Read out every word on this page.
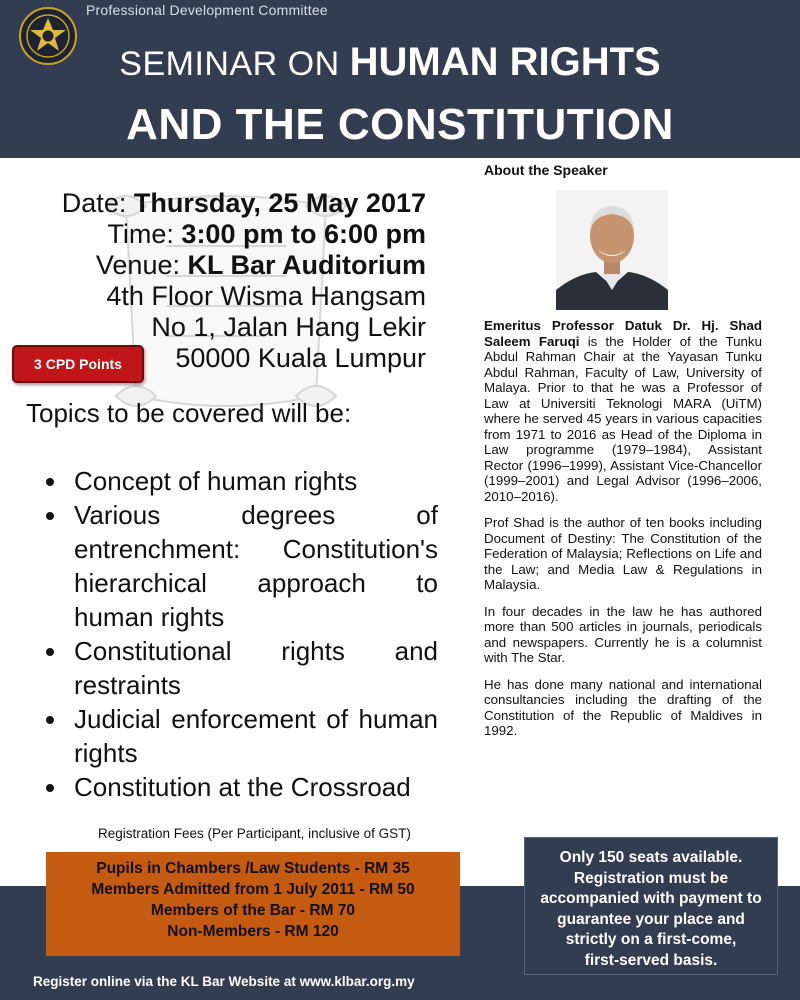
Professional Development Committee
SEMINAR ON HUMAN RIGHTS
AND THE CONSTITUTION
Date: Thursday, 25 May 2017
Time: 3:00 pm to 6:00 pm
Venue: KL Bar Auditorium
4th Floor Wisma Hangsam
No 1, Jalan Hang Lekir
50000 Kuala Lumpur
3 CPD Points
Topics to be covered will be:
Concept of human rights
Various degrees of entrenchment: Constitution's hierarchical approach to human rights
Constitutional rights and restraints
Judicial enforcement of human rights
Constitution at the Crossroad
About the Speaker

Emeritus Professor Datuk Dr. Hj. Shad Saleem Faruqi is the Holder of the Tunku Abdul Rahman Chair at the Yayasan Tunku Abdul Rahman, Faculty of Law, University of Malaya. Prior to that he was a Professor of Law at Universiti Teknologi MARA (UiTM) where he served 45 years in various capacities from 1971 to 2016 as Head of the Diploma in Law programme (1979–1984), Assistant Rector (1996–1999), Assistant Vice-Chancellor (1999–2001) and Legal Advisor (1996–2006, 2010–2016).

Prof Shad is the author of ten books including Document of Destiny: The Constitution of the Federation of Malaysia; Reflections on Life and the Law; and Media Law & Regulations in Malaysia.

In four decades in the law he has authored more than 500 articles in journals, periodicals and newspapers. Currently he is a columnist with The Star.

He has done many national and international consultancies including the drafting of the Constitution of the Republic of Maldives in 1992.

Registration Fees (Per Participant, inclusive of GST)
Pupils in Chambers /Law Students - RM 35
Members Admitted from 1 July 2011 - RM 50
Members of the Bar - RM 70
Non-Members - RM 120
Only 150 seats available.
Registration must be
accompanied with payment to
guarantee your place and
strictly on a first-come,
first-served basis.
Register online via the KL Bar Website at www.klbar.org.my
